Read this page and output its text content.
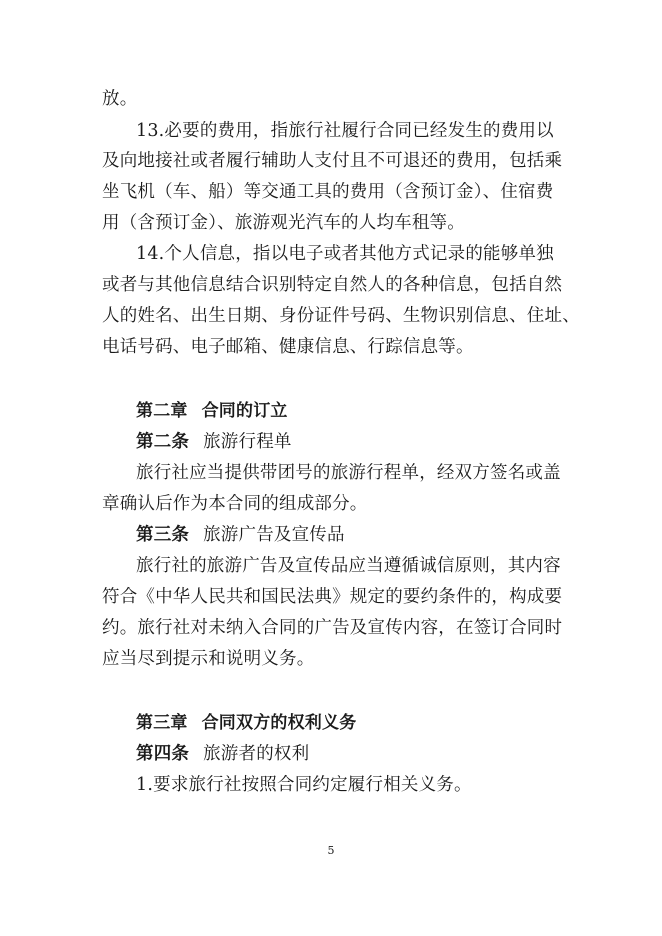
放。
13.必要的费用，指旅行社履行合同已经发生的费用以
及向地接社或者履行辅助人支付且不可退还的费用，包括乘
坐飞机（车、船）等交通工具的费用（含预订金）、住宿费
用（含预订金）、旅游观光汽车的人均车租等。
14.个人信息，指以电子或者其他方式记录的能够单独
或者与其他信息结合识别特定自然人的各种信息，包括自然
人的姓名、出生日期、身份证件号码、生物识别信息、住址、
电话号码、电子邮箱、健康信息、行踪信息等。
第二章 合同的订立
第二条 旅游行程单
旅行社应当提供带团号的旅游行程单，经双方签名或盖
章确认后作为本合同的组成部分。
第三条 旅游广告及宣传品
旅行社的旅游广告及宣传品应当遵循诚信原则，其内容
符合《中华人民共和国民法典》规定的要约条件的，构成要
约。旅行社对未纳入合同的广告及宣传内容，在签订合同时
应当尽到提示和说明义务。
第三章 合同双方的权利义务
第四条 旅游者的权利
1.要求旅行社按照合同约定履行相关义务。
5
